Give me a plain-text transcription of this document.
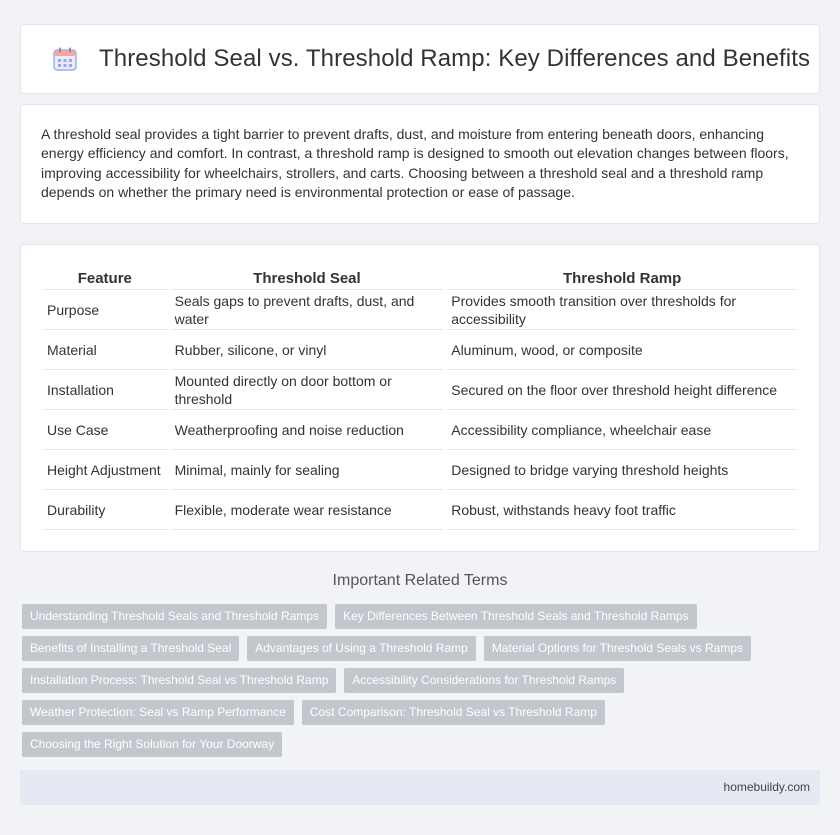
Threshold Seal vs. Threshold Ramp: Key Differences and Benefits

A threshold seal provides a tight barrier to prevent drafts, dust, and moisture from entering beneath doors, enhancing energy efficiency and comfort. In contrast, a threshold ramp is designed to smooth out elevation changes between floors, improving accessibility for wheelchairs, strollers, and carts. Choosing between a threshold seal and a threshold ramp depends on whether the primary need is environmental protection or ease of passage.

Feature	Threshold Seal	Threshold Ramp
Purpose	Seals gaps to prevent drafts, dust, and water	Provides smooth transition over thresholds for accessibility
Material	Rubber, silicone, or vinyl	Aluminum, wood, or composite
Installation	Mounted directly on door bottom or threshold	Secured on the floor over threshold height difference
Use Case	Weatherproofing and noise reduction	Accessibility compliance, wheelchair ease
Height Adjustment	Minimal, mainly for sealing	Designed to bridge varying threshold heights
Durability	Flexible, moderate wear resistance	Robust, withstands heavy foot traffic
Important Related Terms
Understanding Threshold Seals and Threshold Ramps	Key Differences Between Threshold Seals and Threshold Ramps
Benefits of Installing a Threshold Seal	Advantages of Using a Threshold Ramp	Material Options for Threshold Seals vs Ramps
Installation Process: Threshold Seal vs Threshold Ramp	Accessibility Considerations for Threshold Ramps
Weather Protection: Seal vs Ramp Performance	Cost Comparison: Threshold Seal vs Threshold Ramp
Choosing the Right Solution for Your Doorway
homebuildy.com
